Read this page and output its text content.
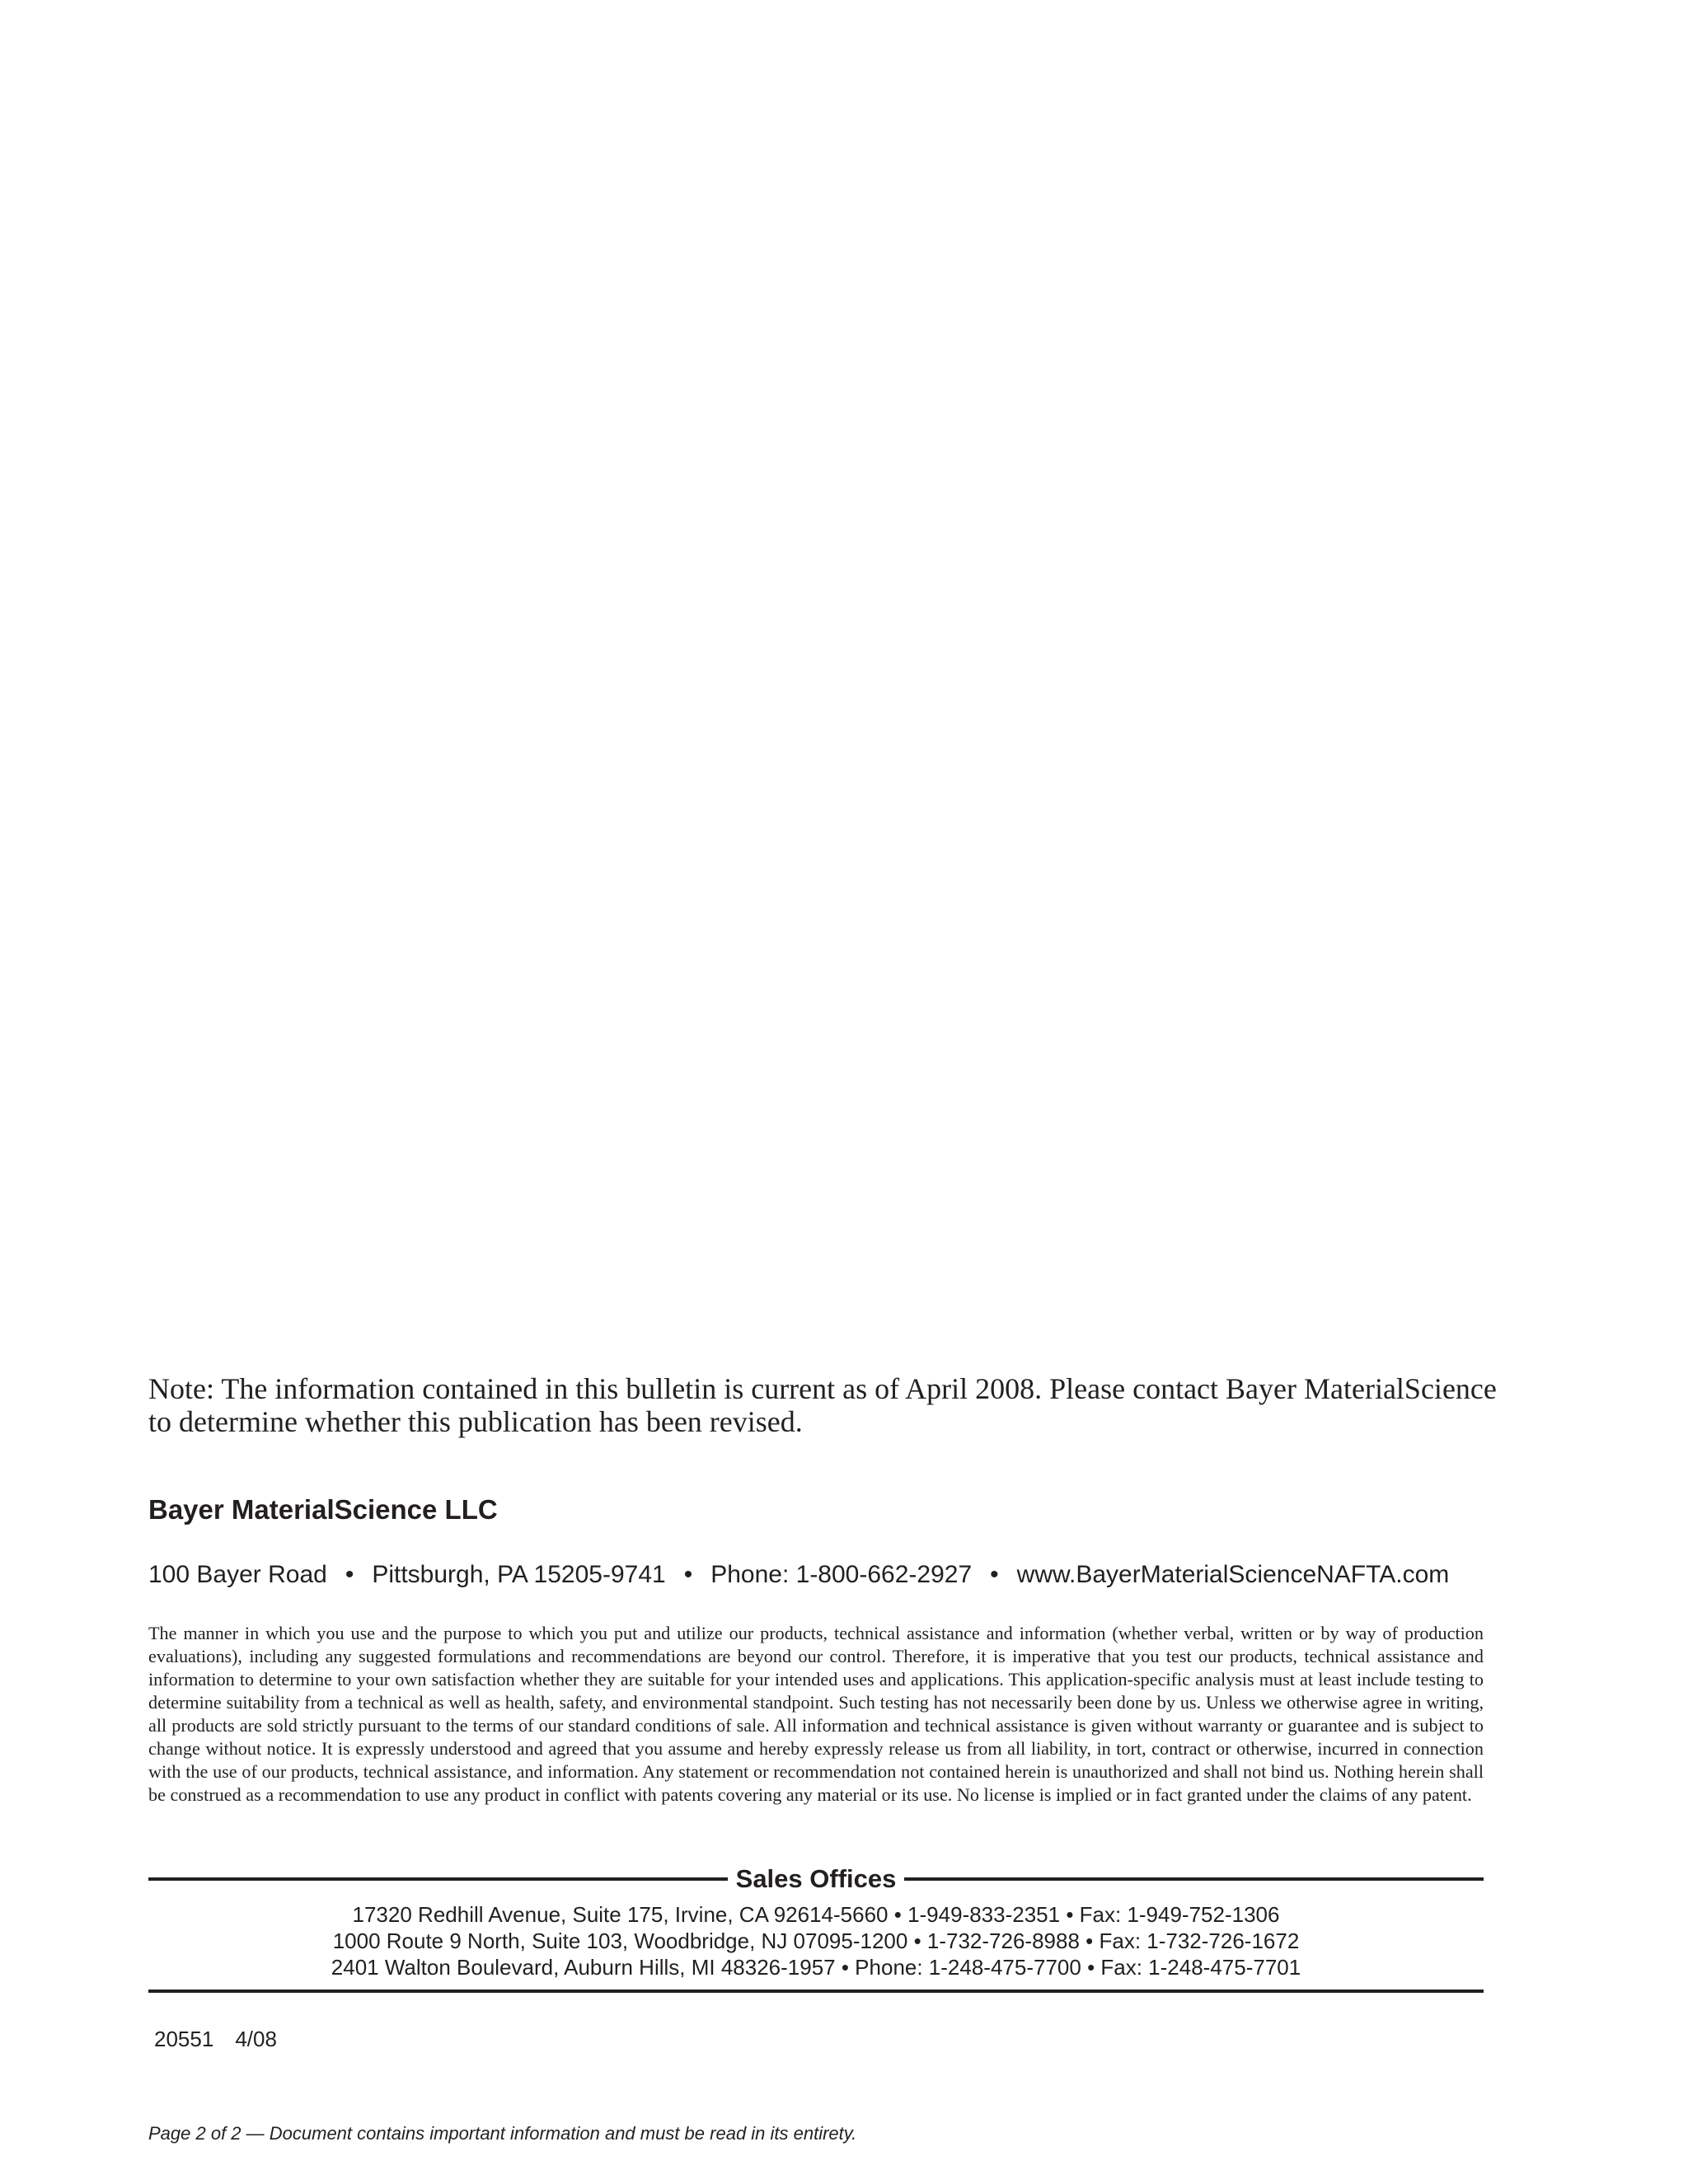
Note: The information contained in this bulletin is current as of April 2008. Please contact Bayer MaterialScience to determine whether this publication has been revised.

Bayer MaterialScience LLC
100 Bayer Road • Pittsburgh, PA 15205-9741 • Phone: 1-800-662-2927 • www.BayerMaterialScienceNAFTA.com

The manner in which you use and the purpose to which you put and utilize our products, technical assistance and information (whether verbal, written or by way of production evaluations), including any suggested formulations and recommendations are beyond our control. Therefore, it is imperative that you test our products, technical assistance and information to determine to your own satisfaction whether they are suitable for your intended uses and applications. This application-specific analysis must at least include testing to determine suitability from a technical as well as health, safety, and environmental standpoint. Such testing has not necessarily been done by us. Unless we otherwise agree in writing, all products are sold strictly pursuant to the terms of our standard conditions of sale. All information and technical assistance is given without warranty or guarantee and is subject to change without notice. It is expressly understood and agreed that you assume and hereby expressly release us from all liability, in tort, contract or otherwise, incurred in connection with the use of our products, technical assistance, and information. Any statement or recommendation not contained herein is unauthorized and shall not bind us. Nothing herein shall be construed as a recommendation to use any product in conflict with patents covering any material or its use. No license is implied or in fact granted under the claims of any patent.

Sales Offices
17320 Redhill Avenue, Suite 175, Irvine, CA 92614-5660 • 1-949-833-2351 • Fax: 1-949-752-1306
1000 Route 9 North, Suite 103, Woodbridge, NJ 07095-1200 • 1-732-726-8988 • Fax: 1-732-726-1672
2401 Walton Boulevard, Auburn Hills, MI 48326-1957 • Phone: 1-248-475-7700 • Fax: 1-248-475-7701
20551 4/08
Page 2 of 2 — Document contains important information and must be read in its entirety.
